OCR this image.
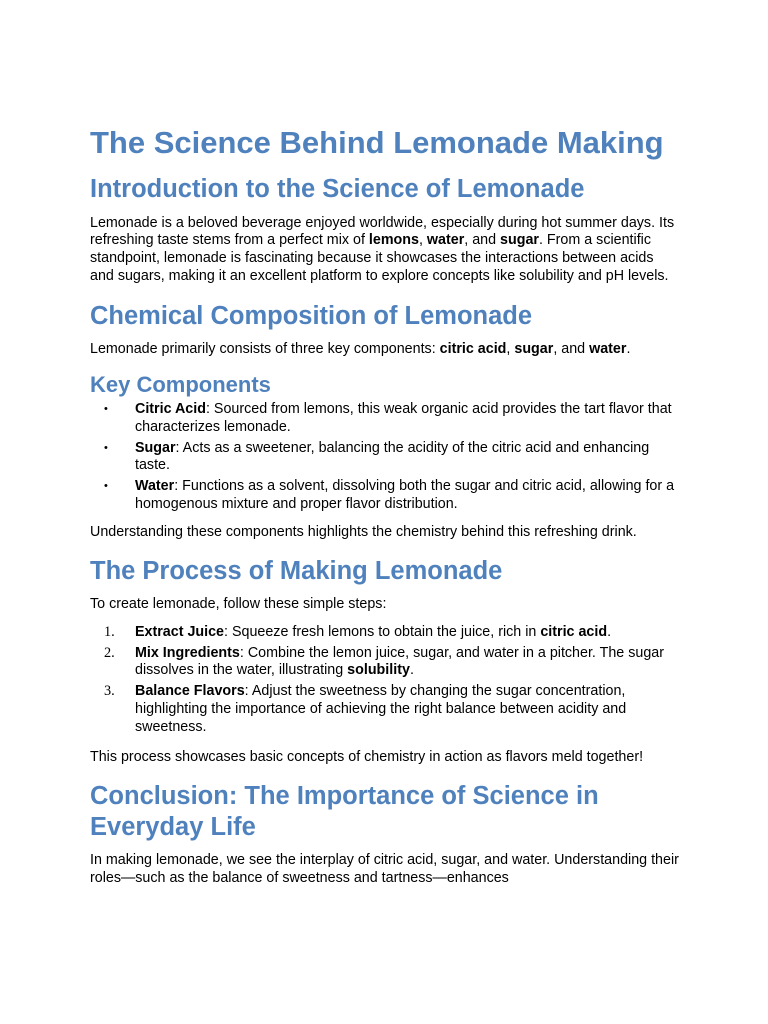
The Science Behind Lemonade Making
Introduction to the Science of Lemonade

Lemonade is a beloved beverage enjoyed worldwide, especially during hot summer days. Its refreshing taste stems from a perfect mix of lemons, water, and sugar. From a scientific standpoint, lemonade is fascinating because it showcases the interactions between acids and sugars, making it an excellent platform to explore concepts like solubility and pH levels.

Chemical Composition of Lemonade

Lemonade primarily consists of three key components: citric acid, sugar, and water.

Key Components
• Citric Acid: Sourced from lemons, this weak organic acid provides the tart flavor that characterizes lemonade.
• Sugar: Acts as a sweetener, balancing the acidity of the citric acid and enhancing taste.
• Water: Functions as a solvent, dissolving both the sugar and citric acid, allowing for a homogenous mixture and proper flavor distribution.

Understanding these components highlights the chemistry behind this refreshing drink.

The Process of Making Lemonade

To create lemonade, follow these simple steps:

1. Extract Juice: Squeeze fresh lemons to obtain the juice, rich in citric acid.
2. Mix Ingredients: Combine the lemon juice, sugar, and water in a pitcher. The sugar dissolves in the water, illustrating solubility.
3. Balance Flavors: Adjust the sweetness by changing the sugar concentration, highlighting the importance of achieving the right balance between acidity and sweetness.

This process showcases basic concepts of chemistry in action as flavors meld together!

Conclusion: The Importance of Science in Everyday Life

In making lemonade, we see the interplay of citric acid, sugar, and water. Understanding their roles—such as the balance of sweetness and tartness—enhances
